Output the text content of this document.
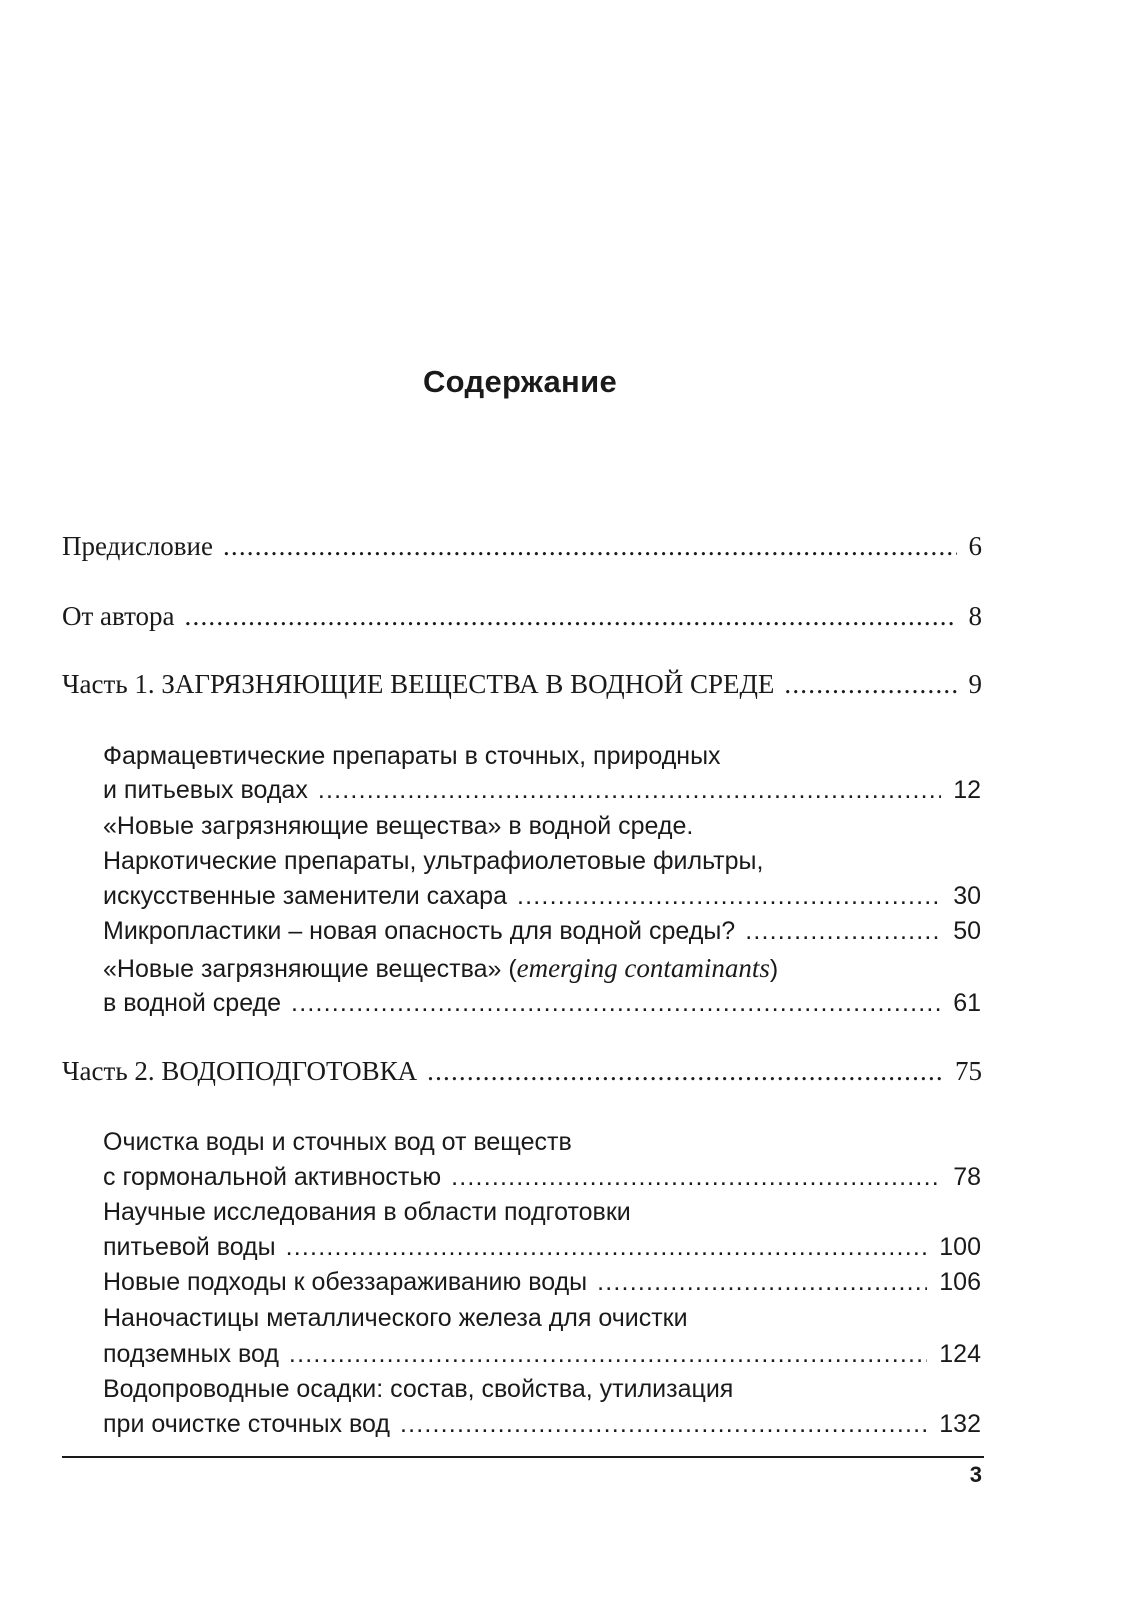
Содержание
Предисловие .....	6
От автора .....	8
Часть 1. ЗАГРЯЗНЯЮЩИЕ ВЕЩЕСТВА В ВОДНОЙ СРЕДЕ .....	9
Фармацевтические препараты в сточных, природных
и питьевых водах .....	12
«Новые загрязняющие вещества» в водной среде.
Наркотические препараты, ультрафиолетовые фильтры,
искусственные заменители сахара .....	30
Микропластики – новая опасность для водной среды? .....	50
«Новые загрязняющие вещества» (emerging contaminants)
в водной среде .....	61
Часть 2. ВОДОПОДГОТОВКА .....	75
Очистка воды и сточных вод от веществ
с гормональной активностью .....	78
Научные исследования в области подготовки
питьевой воды .....	100
Новые подходы к обеззараживанию воды .....	106
Наночастицы металлического железа для очистки
подземных вод .....	124
Водопроводные осадки: состав, свойства, утилизация
при очистке сточных вод .....	132
3
